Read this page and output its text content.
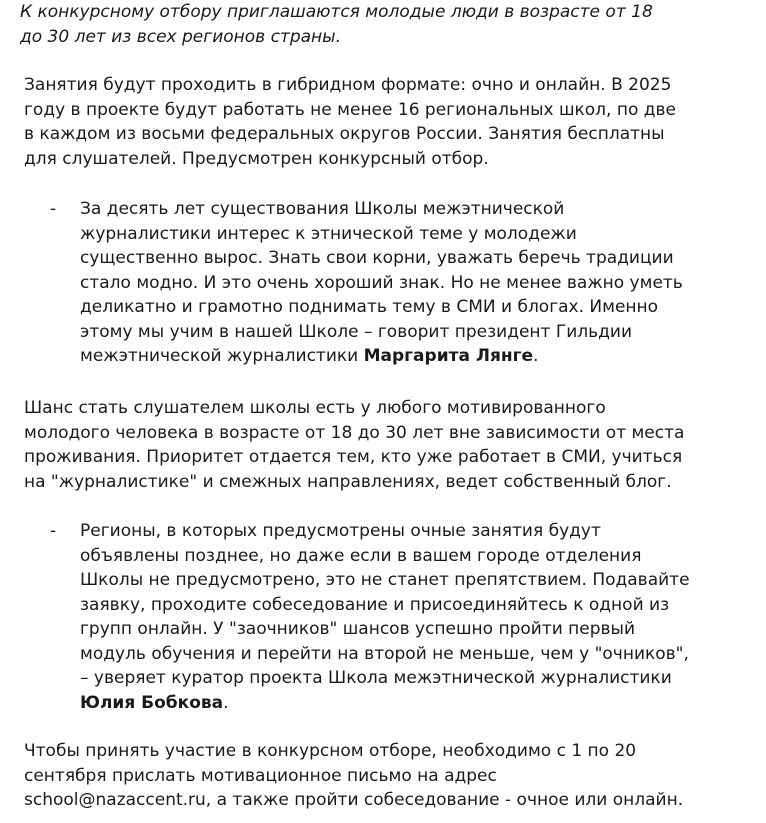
К конкурсному отбору приглашаются молодые люди в возрасте от 18
до 30 лет из всех регионов страны.
Занятия будут проходить в гибридном формате: очно и онлайн. В 2025
году в проекте будут работать не менее 16 региональных школ, по две
в каждом из восьми федеральных округов России. Занятия бесплатны
для слушателей. Предусмотрен конкурсный отбор.
- За десять лет существования Школы межэтнической
журналистики интерес к этнической теме у молодежи
существенно вырос. Знать свои корни, уважать беречь традиции
стало модно. И это очень хороший знак. Но не менее важно уметь
деликатно и грамотно поднимать тему в СМИ и блогах. Именно
этому мы учим в нашей Школе – говорит президент Гильдии
межэтнической журналистики Маргарита Лянге.
Шанс стать слушателем школы есть у любого мотивированного
молодого человека в возрасте от 18 до 30 лет вне зависимости от места
проживания. Приоритет отдается тем, кто уже работает в СМИ, учиться
на "журналистике" и смежных направлениях, ведет собственный блог.
- Регионы, в которых предусмотрены очные занятия будут
объявлены позднее, но даже если в вашем городе отделения
Школы не предусмотрено, это не станет препятствием. Подавайте
заявку, проходите собеседование и присоединяйтесь к одной из
групп онлайн. У "заочников" шансов успешно пройти первый
модуль обучения и перейти на второй не меньше, чем у "очников",
– уверяет куратор проекта Школа межэтнической журналистики
Юлия Бобкова.
Чтобы принять участие в конкурсном отборе, необходимо с 1 по 20
сентября прислать мотивационное письмо на адрес
school@nazaccent.ru, а также пройти собеседование - очное или онлайн.
